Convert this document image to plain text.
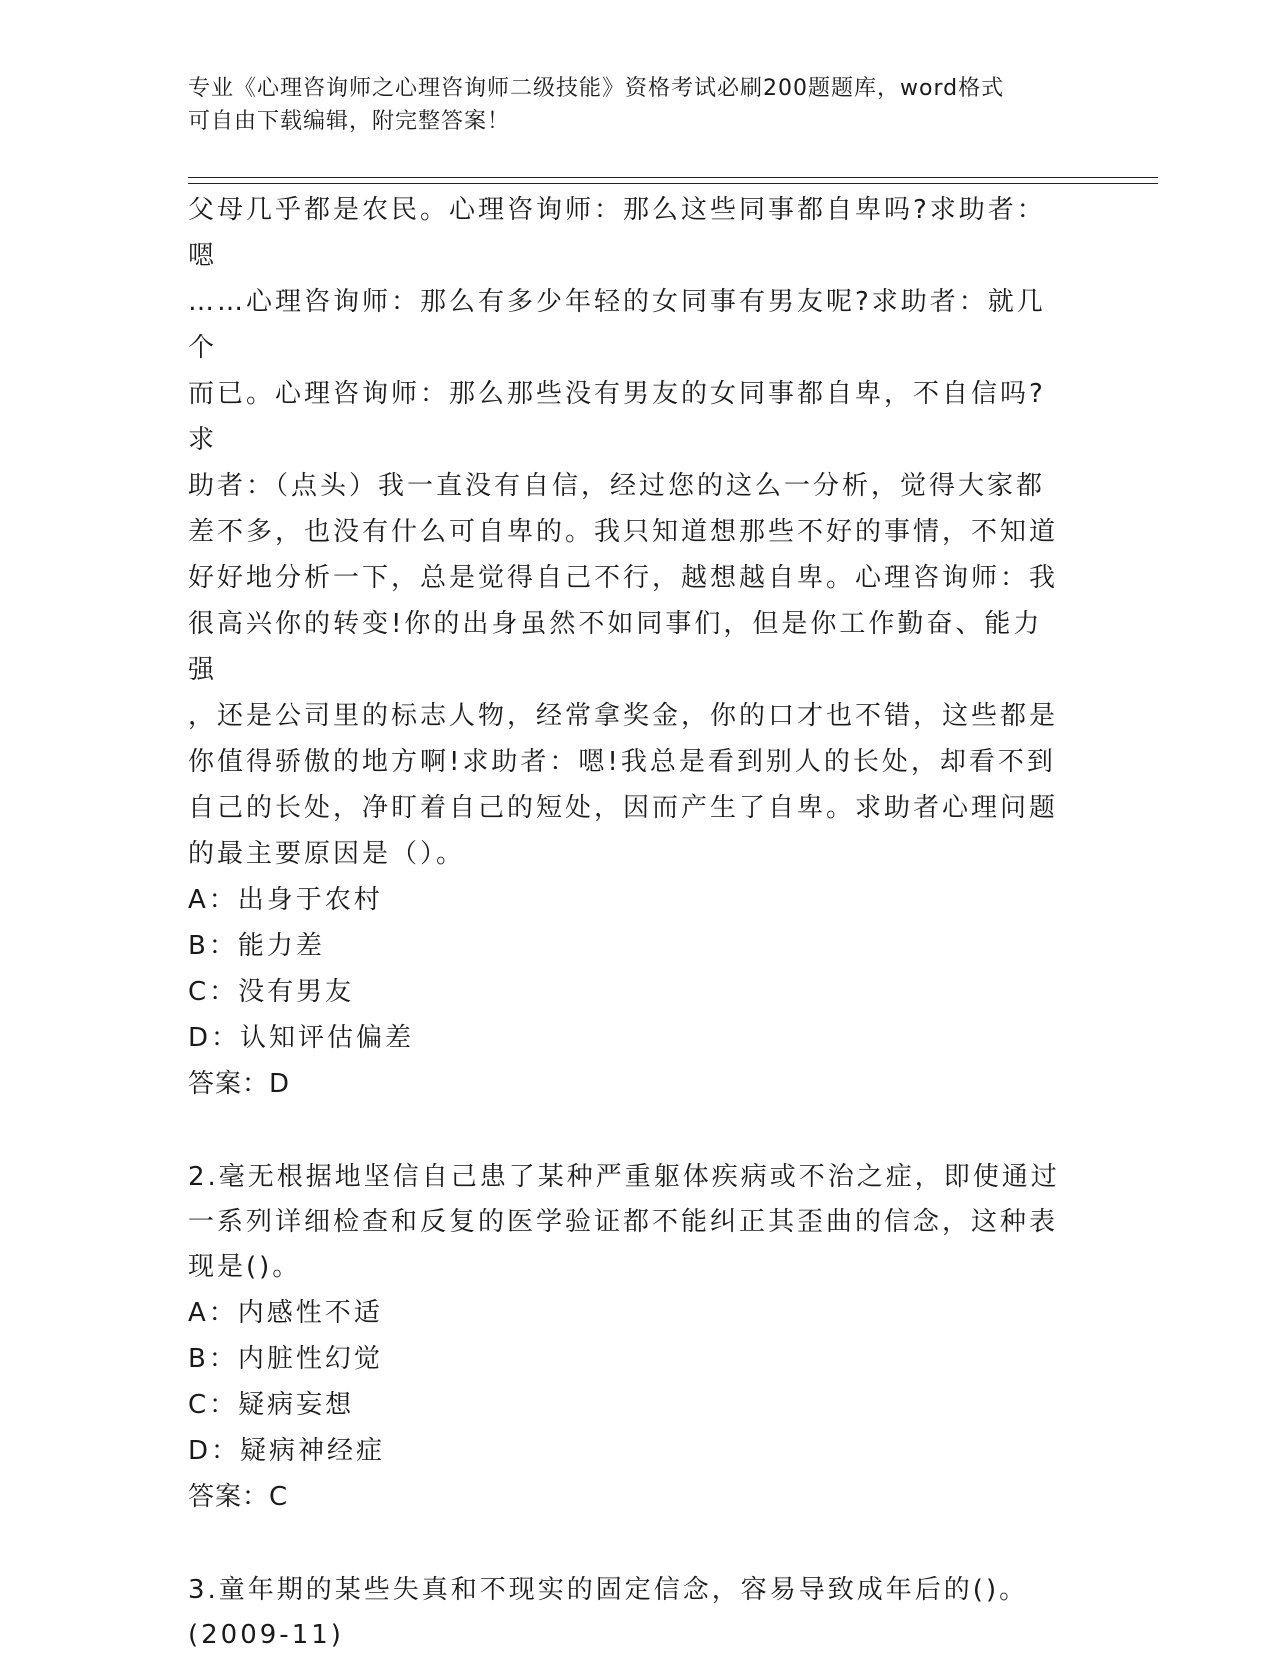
专业《心理咨询师之心理咨询师二级技能》资格考试必刷200题题库，word格式
可自由下载编辑，附完整答案！

父母几乎都是农民。心理咨询师：那么这些同事都自卑吗?求助者：嗯

……心理咨询师：那么有多少年轻的女同事有男友呢?求助者：就几个

而已。心理咨询师：那么那些没有男友的女同事都自卑，不自信吗?求

助者：（点头）我一直没有自信，经过您的这么一分析，觉得大家都

差不多，也没有什么可自卑的。我只知道想那些不好的事情，不知道

好好地分析一下，总是觉得自己不行，越想越自卑。心理咨询师：我

很高兴你的转变!你的出身虽然不如同事们，但是你工作勤奋、能力强

，还是公司里的标志人物，经常拿奖金，你的口才也不错，这些都是

你值得骄傲的地方啊!求助者：嗯!我总是看到别人的长处，却看不到

自己的长处，净盯着自己的短处，因而产生了自卑。求助者心理问题

的最主要原因是（）。

A：出身于农村

B：能力差

C：没有男友

D：认知评估偏差

答案：D

2.毫无根据地坚信自己患了某种严重躯体疾病或不治之症，即使通过

一系列详细检查和反复的医学验证都不能纠正其歪曲的信念，这种表

现是()。

A：内感性不适

B：内脏性幻觉

C：疑病妄想

D：疑病神经症

答案：C

3.童年期的某些失真和不现实的固定信念，容易导致成年后的()。

(2009-11)
